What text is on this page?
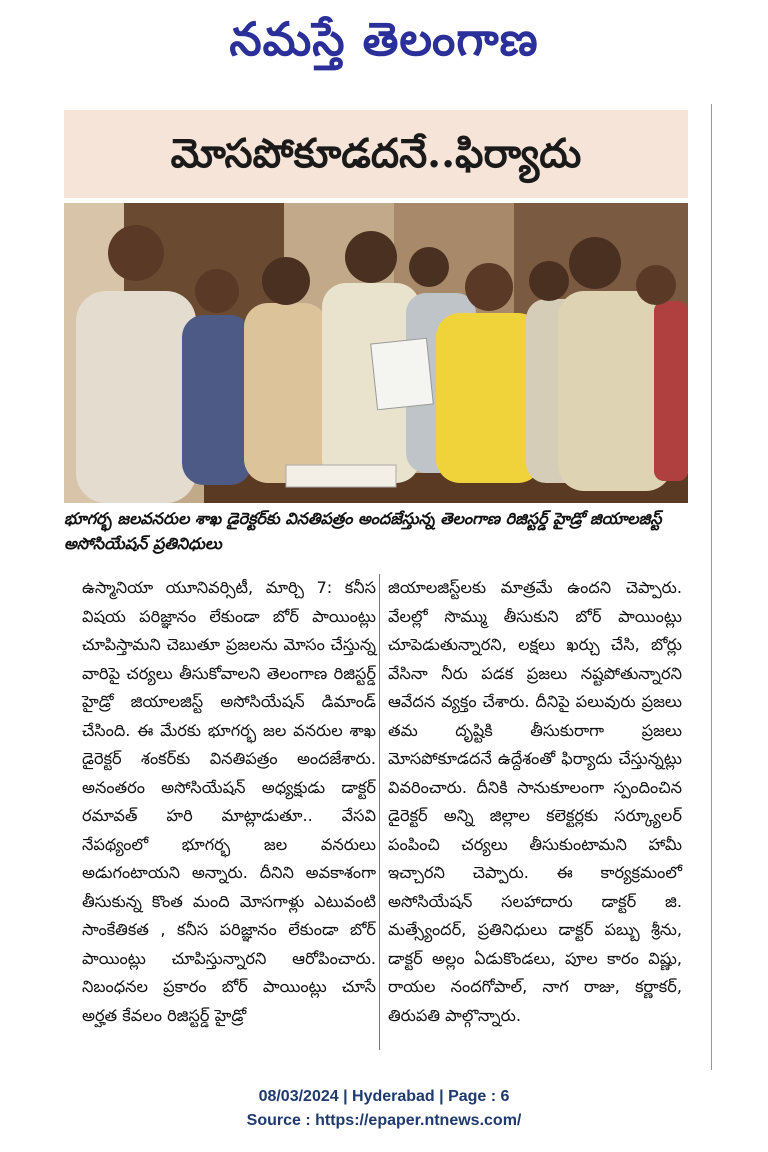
నమస్తే తెలంగాణ
మోసపోకూడదనే..ఫిర్యాదు
భూగర్భ జలవనరుల శాఖ డైరెక్టర్‌కు వినతిపత్రం అందజేస్తున్న తెలంగాణ రిజిస్టర్డ్ హైడ్రో జియాలజిస్ట్ అసోసియేషన్ ప్రతినిధులు
ఉస్మానియా యూనివర్సిటీ, మార్చి 7: కనీస విషయ పరిజ్ఞానం లేకుండా బోర్ పాయింట్లు చూపిస్తామని చెబుతూ ప్రజలను మోసం చేస్తున్న వారిపై చర్యలు తీసుకోవాలని తెలంగాణ రిజిస్టర్డ్ హైడ్రో జియాలజిస్ట్ అసోసియేషన్ డిమాండ్ చేసింది. ఈ మేరకు భూగర్భ జల వనరుల శాఖ డైరెక్టర్ శంకర్‌కు వినతిపత్రం అందజేశారు. అనంతరం అసోసియేషన్ అధ్యక్షుడు డాక్టర్ రమావత్ హరి మాట్లాడుతూ.. వేసవి నేపథ్యంలో భూగర్భ జల వనరులు అడుగంటాయని అన్నారు. దీనిని అవకాశంగా తీసుకున్న కొంత మంది మోసగాళ్లు ఎటువంటి సాంకేతికత , కనీస పరిజ్ఞానం లేకుండా బోర్ పాయింట్లు చూపిస్తున్నారని ఆరోపించారు. నిబంధనల ప్రకారం బోర్ పాయింట్లు చూసే అర్హత కేవలం రిజిస్టర్డ్ హైడ్రో
జియాలజిస్ట్‌లకు మాత్రమే ఉందని చెప్పారు. వేలల్లో సొమ్ము తీసుకుని బోర్ పాయింట్లు చూపెడుతున్నారని, లక్షలు ఖర్చు చేసి, బోర్లు వేసినా నీరు పడక ప్రజలు నష్టపోతున్నారని ఆవేదన వ్యక్తం చేశారు. దీనిపై పలువురు ప్రజలు తమ దృష్టికి తీసుకురాగా ప్రజలు మోసపోకూడదనే ఉద్దేశంతో ఫిర్యాదు చేస్తున్నట్లు వివరించారు. దీనికి సానుకూలంగా స్పందించిన డైరెక్టర్ అన్ని జిల్లాల కలెక్టర్లకు సర్క్యూలర్ పంపించి చర్యలు తీసుకుంటామని హామీ ఇచ్చారని చెప్పారు. ఈ కార్యక్రమంలో అసోసియేషన్ సలహాదారు డాక్టర్ జి. మత్స్యేందర్, ప్రతినిధులు డాక్టర్ పబ్బు శ్రీను, డాక్టర్ అల్లం ఏడుకొండలు, పూల కారం విష్ణు, రాయల నందగోపాల్, నాగ రాజు, కర్ణాకర్, తిరుపతి పాల్గొన్నారు.
08/03/2024 | Hyderabad | Page : 6
Source : https://epaper.ntnews.com/
